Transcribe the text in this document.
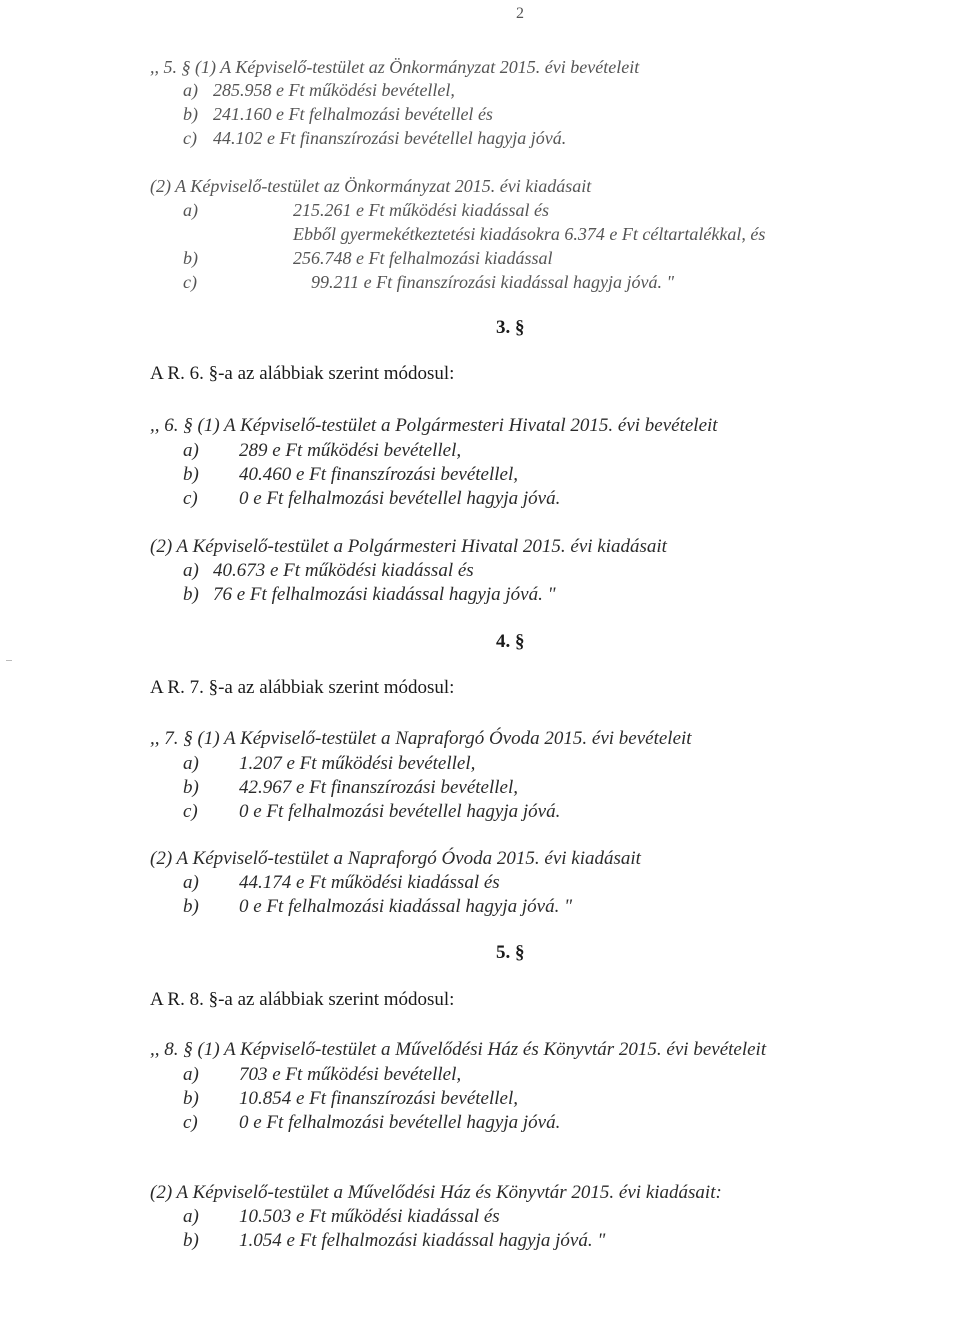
2
,, 5. § (1) A Képviselő-testület az Önkormányzat 2015. évi bevételeit
a) 285.958 e Ft működési bevétellel,
b) 241.160 e Ft felhalmozási bevétellel és
c) 44.102 e Ft finanszírozási bevétellel hagyja jóvá.
(2) A Képviselő-testület az Önkormányzat 2015. évi kiadásait
a)	215.261 e Ft működési kiadással és
Ebből gyermekétkeztetési kiadásokra 6.374 e Ft céltartalékkal, és
b)	256.748 e Ft felhalmozási kiadással
c)	99.211 e Ft finanszírozási kiadással hagyja jóvá. "
3. §
A R. 6. §-a az alábbiak szerint módosul:
,, 6. § (1) A Képviselő-testület a Polgármesteri Hivatal 2015. évi bevételeit
a) 289 e Ft működési bevétellel,
b) 40.460 e Ft finanszírozási bevétellel,
c) 0 e Ft felhalmozási bevétellel hagyja jóvá.
(2) A Képviselő-testület a Polgármesteri Hivatal 2015. évi kiadásait
a) 40.673 e Ft működési kiadással és
b) 76 e Ft felhalmozási kiadással hagyja jóvá. "
4. §
A R. 7. §-a az alábbiak szerint módosul:
,, 7. § (1) A Képviselő-testület a Napraforgó Óvoda 2015. évi bevételeit
a) 1.207 e Ft működési bevétellel,
b) 42.967 e Ft finanszírozási bevétellel,
c) 0 e Ft felhalmozási bevétellel hagyja jóvá.
(2) A Képviselő-testület a Napraforgó Óvoda 2015. évi kiadásait
a) 44.174 e Ft működési kiadással és
b) 0 e Ft felhalmozási kiadással hagyja jóvá. "
5. §
A R. 8. §-a az alábbiak szerint módosul:
,, 8. § (1) A Képviselő-testület a Művelődési Ház és Könyvtár 2015. évi bevételeit
a) 703 e Ft működési bevétellel,
b) 10.854 e Ft finanszírozási bevétellel,
c) 0 e Ft felhalmozási bevétellel hagyja jóvá.
(2) A Képviselő-testület a Művelődési Ház és Könyvtár 2015. évi kiadásait:
a) 10.503 e Ft működési kiadással és
b) 1.054 e Ft felhalmozási kiadással hagyja jóvá. "
